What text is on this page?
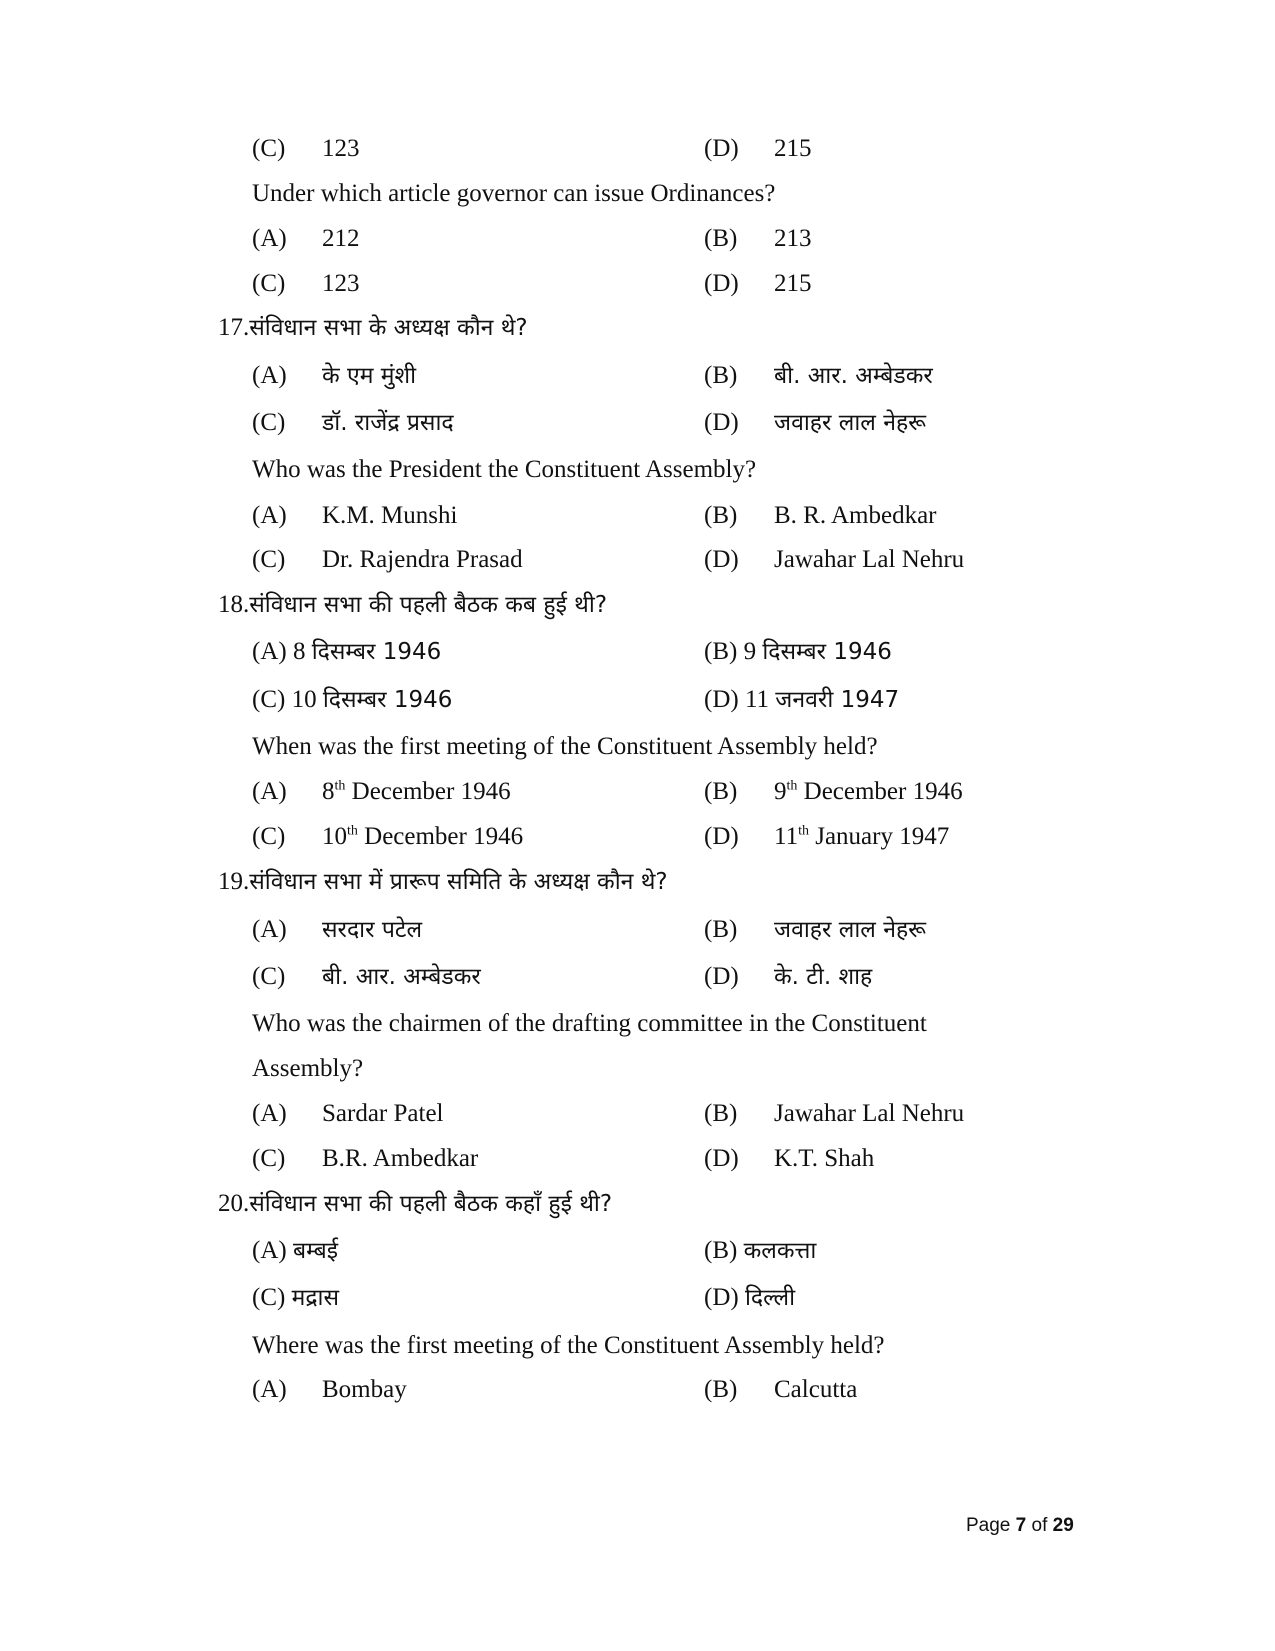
(C) 123	(D) 215
Under which article governor can issue Ordinances?
(A) 212	(B) 213
(C) 123	(D) 215
17.संविधान सभा के अध्यक्ष कौन थे?
(A) के एम मुंशी	(B) बी. आर. अम्बेडकर
(C) डॉ. राजेंद्र प्रसाद	(D) जवाहर लाल नेहरू
Who was the President the Constituent Assembly?
(A) K.M. Munshi	(B) B. R. Ambedkar
(C) Dr. Rajendra Prasad	(D) Jawahar Lal Nehru
18.संविधान सभा की पहली बैठक कब हुई थी?
(A) 8 दिसम्बर 1946	(B) 9 दिसम्बर 1946
(C) 10 दिसम्बर 1946	(D) 11 जनवरी 1947
When was the first meeting of the Constituent Assembly held?
(A) 8th December 1946	(B) 9th December 1946
(C) 10th December 1946	(D) 11th January 1947
19.संविधान सभा में प्रारूप समिति के अध्यक्ष कौन थे?
(A) सरदार पटेल	(B) जवाहर लाल नेहरू
(C) बी. आर. अम्बेडकर	(D) के. टी. शाह
Who was the chairmen of the drafting committee in the Constituent
Assembly?
(A) Sardar Patel	(B) Jawahar Lal Nehru
(C) B.R. Ambedkar	(D) K.T. Shah
20.संविधान सभा की पहली बैठक कहाँ हुई थी?
(A) बम्बई	(B) कलकत्ता
(C) मद्रास	(D) दिल्ली
Where was the first meeting of the Constituent Assembly held?
(A) Bombay	(B) Calcutta
Page 7 of 29
